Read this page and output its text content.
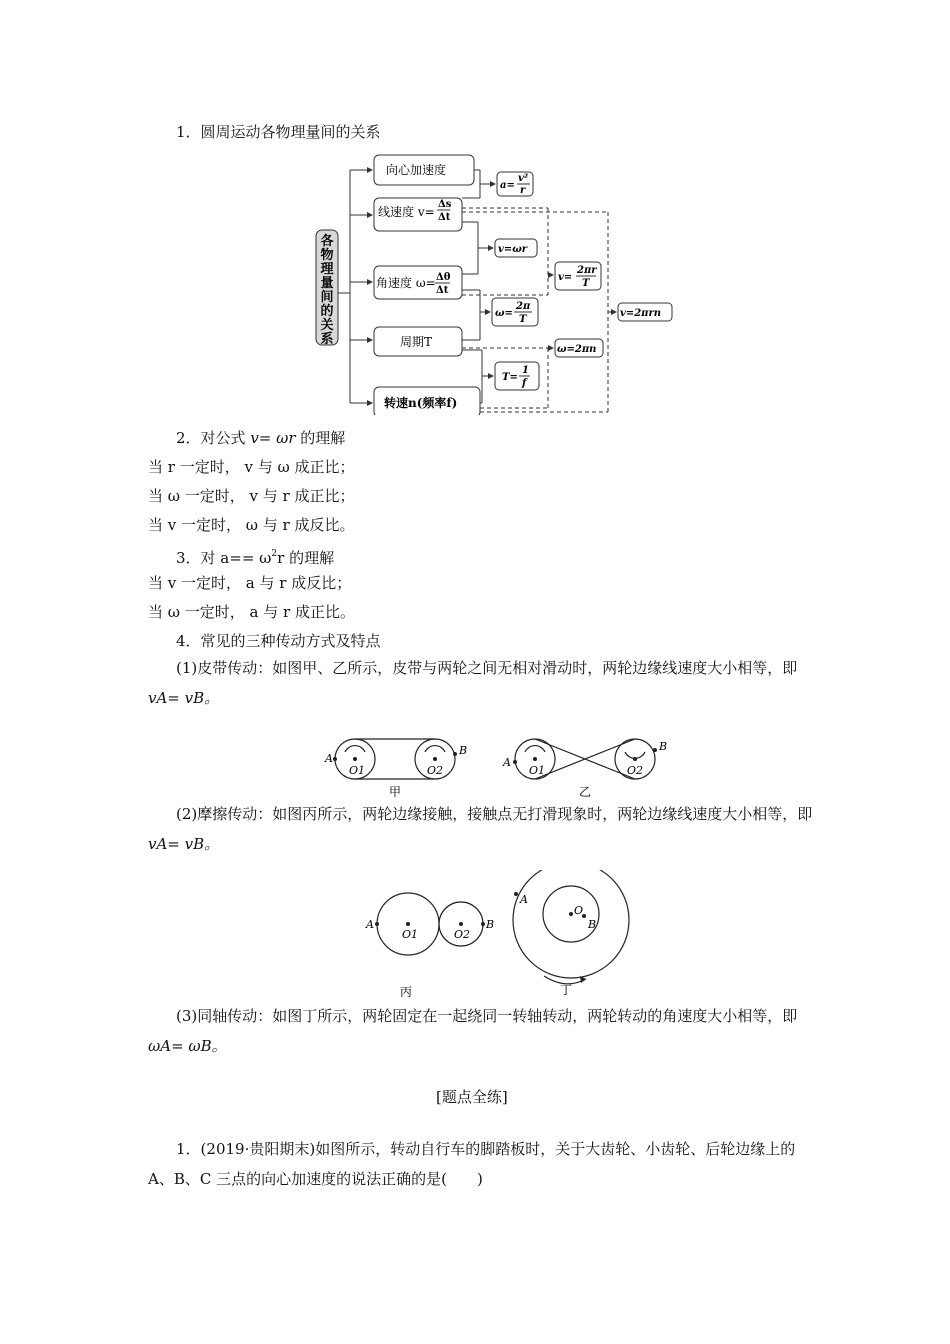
1．圆周运动各物理量间的关系
各
物
理
量
间
的
关
系
向心加速度
线速度 v=
Δs
Δt
角速度 ω= Δθ
Δt
周期T
转速n(频率f)
a=
v²
r
v=ωr
ω=
2π
T
v=
2πr
T
ω=2πn
T=
1
f
v=2πrn
2．对公式 v= ωr 的理解
当 r 一定时， v 与 ω 成正比；
当 ω 一定时， v 与 r 成正比；
当 v 一定时， ω 与 r 成反比。
3．对 $a== \omega^2r$ 的理解
当 v 一定时， a 与 r 成反比；
当 ω 一定时， a 与 r 成正比。
4．常见的三种传动方式及特点
(1)皮带传动：如图甲、乙所示，皮带与两轮之间无相对滑动时，两轮边缘线速度大小相等，即 vA= vB。
A
O1	O2
B
A
O1	O2
B
甲	乙
(2)摩擦传动：如图丙所示，两轮边缘接触，接触点无打滑现象时，两轮边缘线速度大小相等，即 vA= vB。
A
O1	O2
B
A
O
B
丙	丁
(3)同轴传动：如图丁所示，两轮固定在一起绕同一转轴转动，两轮转动的角速度大小相等，即 ωA= ωB。
[题点全练]
1．(2019·贵阳期末)如图所示，转动自行车的脚踏板时，关于大齿轮、小齿轮、后轮边缘上的 A、B、C 三点的向心加速度的说法正确的是(　　)
